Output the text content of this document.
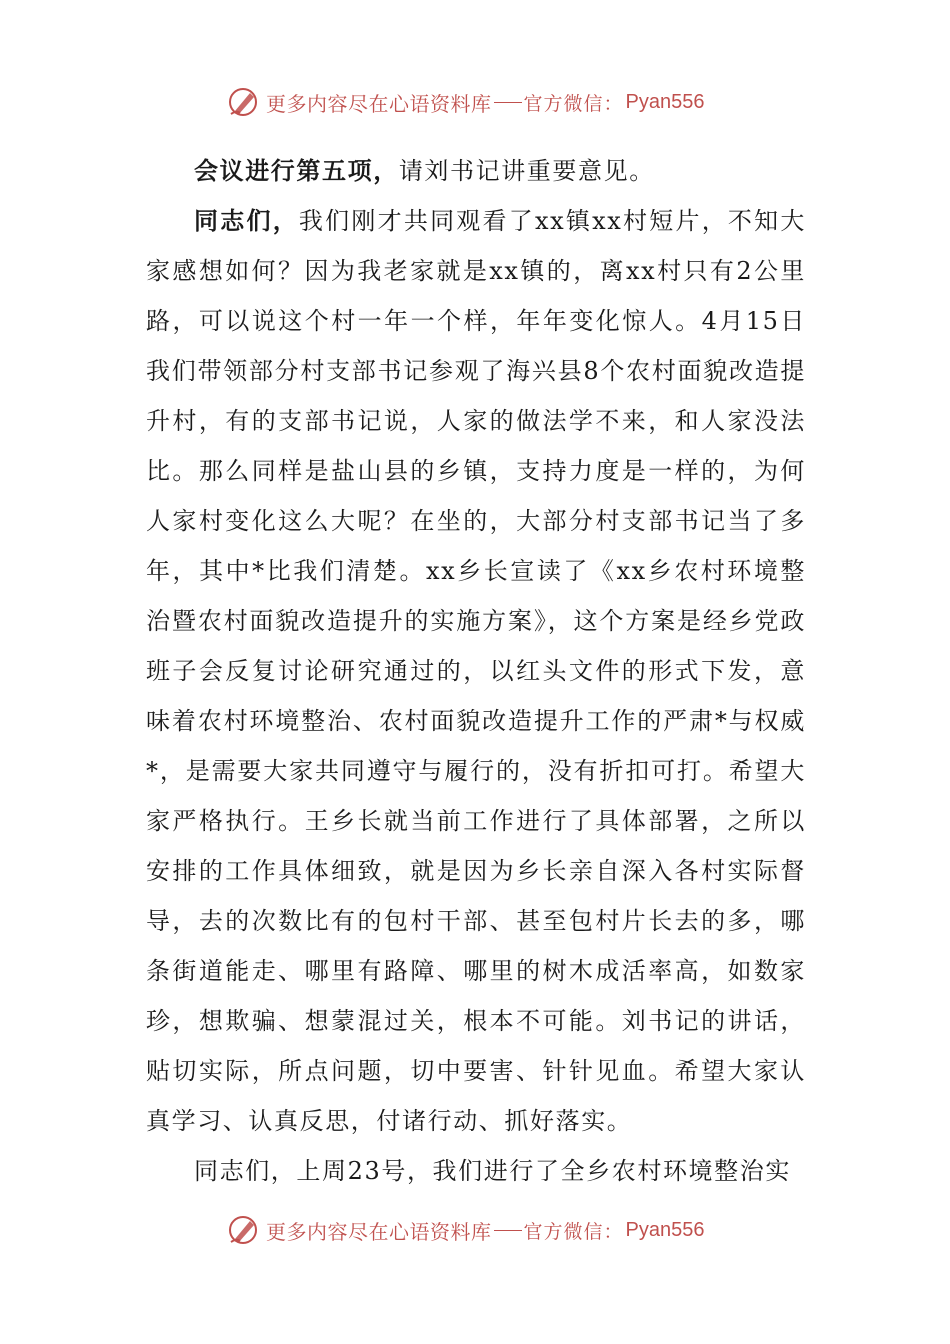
更多内容尽在心语资料库 官方微信： Pyan556

会议进行第五项，请刘书记讲重要意见。

同志们，我们刚才共同观看了xx镇xx村短片，不知大家感想如何？因为我老家就是xx镇的，离xx村只有2公里路，可以说这个村一年一个样，年年变化惊人。4月15日我们带领部分村支部书记参观了海兴县8个农村面貌改造提升村，有的支部书记说，人家的做法学不来，和人家没法比。那么同样是盐山县的乡镇，支持力度是一样的，为何人家村变化这么大呢？在坐的，大部分村支部书记当了多年，其中*比我们清楚。xx乡长宣读了《xx乡农村环境整治暨农村面貌改造提升的实施方案》，这个方案是经乡党政班子会反复讨论研究通过的，以红头文件的形式下发，意味着农村环境整治、农村面貌改造提升工作的严肃*与权威*，是需要大家共同遵守与履行的，没有折扣可打。希望大家严格执行。王乡长就当前工作进行了具体部署，之所以安排的工作具体细致，就是因为乡长亲自深入各村实际督导，去的次数比有的包村干部、甚至包村片长去的多，哪条街道能走、哪里有路障、哪里的树木成活率高，如数家珍，想欺骗、想蒙混过关，根本不可能。刘书记的讲话，贴切实际，所点问题，切中要害、针针见血。希望大家认真学习、认真反思，付诸行动、抓好落实。

同志们，上周23号，我们进行了全乡农村环境整治实

更多内容尽在心语资料库 官方微信： Pyan556
